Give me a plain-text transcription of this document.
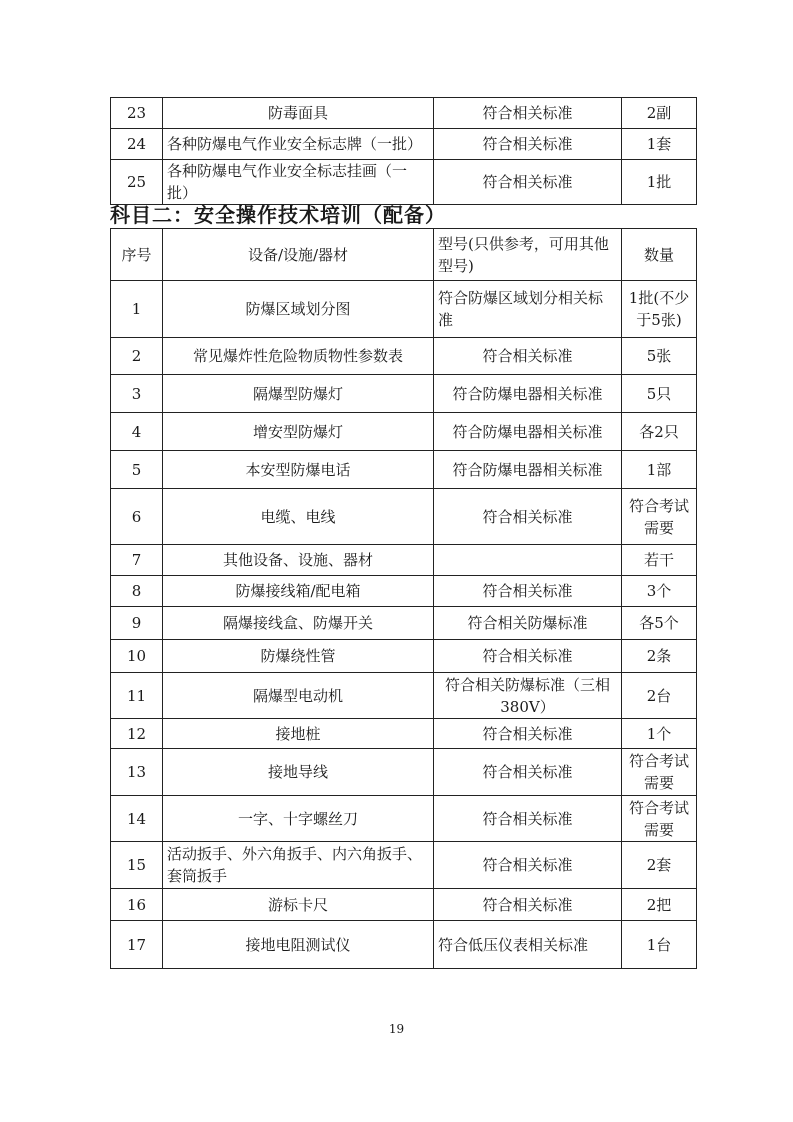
23	防毒面具	符合相关标准	2副
24	各种防爆电气作业安全标志牌（一批）	符合相关标准	1套
25	各种防爆电气作业安全标志挂画（一批）	符合相关标准	1批
科目二：安全操作技术培训（配备）
序号	设备/设施/器材	型号(只供参考，可用其他型号)	数量
1	防爆区域划分图	符合防爆区域划分相关标准	1批(不少于5张)
2	常见爆炸性危险物质物性参数表	符合相关标准	5张
3	隔爆型防爆灯	符合防爆电器相关标准	5只
4	增安型防爆灯	符合防爆电器相关标准	各2只
5	本安型防爆电话	符合防爆电器相关标准	1部
6	电缆、电线	符合相关标准	符合考试需要
7	其他设备、设施、器材		若干
8	防爆接线箱/配电箱	符合相关标准	3个
9	隔爆接线盒、防爆开关	符合相关防爆标准	各5个
10	防爆绕性管	符合相关标准	2条
11	隔爆型电动机	符合相关防爆标准（三相380V）	2台
12	接地桩	符合相关标准	1个
13	接地导线	符合相关标准	符合考试需要
14	一字、十字螺丝刀	符合相关标准	符合考试需要
15	活动扳手、外六角扳手、内六角扳手、套筒扳手	符合相关标准	2套
16	游标卡尺	符合相关标准	2把
17	接地电阻测试仪	符合低压仪表相关标准	1台
19
